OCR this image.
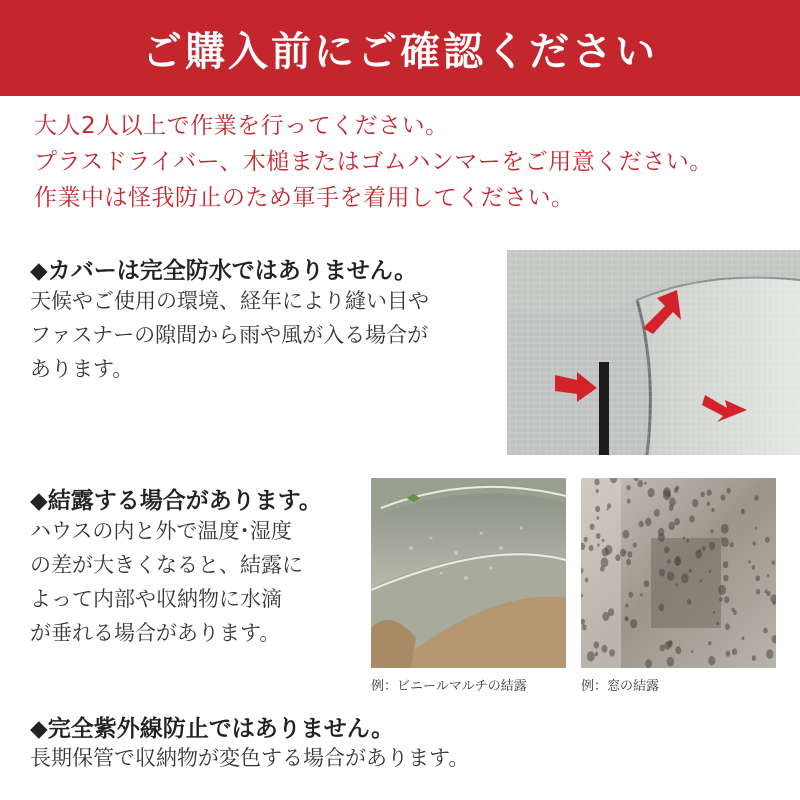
ご購入前にご確認ください
大人2人以上で作業を行ってください。
プラスドライバー、木槌またはゴムハンマーをご用意ください。
作業中は怪我防止のため軍手を着用してください。
◆カバーは完全防水ではありません。
天候やご使用の環境、経年により縫い目や
ファスナーの隙間から雨や風が入る場合が
あります。
◆結露する場合があります。
ハウスの内と外で温度･湿度
の差が大きくなると、結露に
よって内部や収納物に水滴
が垂れる場合があります。
例：ビニールマルチの結露	例：窓の結露
◆完全紫外線防止ではありません。
長期保管で収納物が変色する場合があります。
